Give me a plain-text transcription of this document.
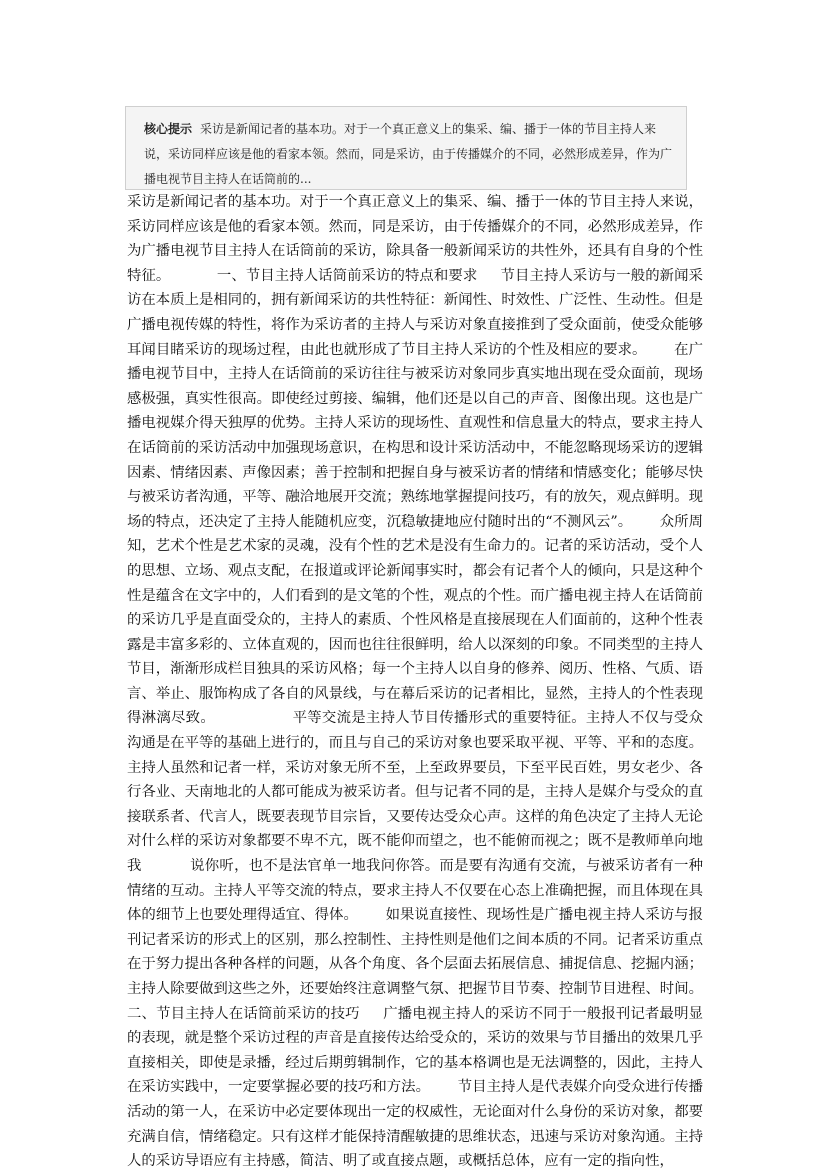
核心提示 采访是新闻记者的基本功。对于一个真正意义上的集采、编、播于一体的节目主持人来说，采访同样应该是他的看家本领。然而，同是采访，由于传播媒介的不同，必然形成差异，作为广播电视节目主持人在话筒前的...
采访是新闻记者的基本功。对于一个真正意义上的集采、编、播于一体的节目主持人来说，采访同样应该是他的看家本领。然而，同是采访，由于传播媒介的不同，必然形成差异，作为广播电视节目主持人在话筒前的采访，除具备一般新闻采访的共性外，还具有自身的个性特征。          一、节目主持人话筒前采访的特点和要求     节目主持人采访与一般的新闻采访在本质上是相同的，拥有新闻采访的共性特征：新闻性、时效性、广泛性、生动性。但是广播电视传媒的特性，将作为采访者的主持人与采访对象直接推到了受众面前，使受众能够耳闻目睹采访的现场过程，由此也就形成了节目主持人采访的个性及相应的要求。      在广播电视节目中，主持人在话筒前的采访往往与被采访对象同步真实地出现在受众面前，现场感极强，真实性很高。即使经过剪接、编辑，他们还是以自己的声音、图像出现。这也是广播电视媒介得天独厚的优势。主持人采访的现场性、直观性和信息量大的特点，要求主持人在话筒前的采访活动中加强现场意识，在构思和设计采访活动中，不能忽略现场采访的逻辑因素、情绪因素、声像因素；善于控制和把握自身与被采访者的情绪和情感变化；能够尽快与被采访者沟通，平等、融洽地展开交流；熟练地掌握提问技巧，有的放矢，观点鲜明。现场的特点，还决定了主持人能随机应变，沉稳敏捷地应付随时出的“不测风云”。      众所周知，艺术个性是艺术家的灵魂，没有个性的艺术是没有生命力的。记者的采访活动，受个人的思想、立场、观点支配，在报道或评论新闻事实时，都会有记者个人的倾向，只是这种个性是蕴含在文字中的，人们看到的是文笔的个性，观点的个性。而广播电视主持人在话筒前的采访几乎是直面受众的，主持人的素质、个性风格是直接展现在人们面前的，这种个性表露是丰富多彩的、立体直观的，因而也往往很鲜明，给人以深刻的印象。不同类型的主持人节目，渐渐形成栏目独具的采访风格；每一个主持人以自身的修养、阅历、性格、气质、语言、举止、服饰构成了各自的风景线，与在幕后采访的记者相比，显然，主持人的个性表现得淋漓尽致。                平等交流是主持人节目传播形式的重要特征。主持人不仅与受众沟通是在平等的基础上进行的，而且与自己的采访对象也要采取平视、平等、平和的态度。          主持人虽然和记者一样，采访对象无所不至，上至政界要员，下至平民百姓，男女老少、各行各业、天南地北的人都可能成为被采访者。但与记者不同的是，主持人是媒介与受众的直接联系者、代言人，既要表现节目宗旨，又要传达受众心声。这样的角色决定了主持人无论对什么样的采访对象都要不卑不亢，既不能仰而望之，也不能俯而视之；既不是教师单向地我          说你听，也不是法官单一地我问你答。而是要有沟通有交流，与被采访者有一种情绪的互动。主持人平等交流的特点，要求主持人不仅要在心态上准确把握，而且体现在具体的细节上也要处理得适宜、得体。      如果说直接性、现场性是广播电视主持人采访与报刊记者采访的形式上的区别，那么控制性、主持性则是他们之间本质的不同。记者采访重点在于努力提出各种各样的问题，从各个角度、各个层面去拓展信息、捕捉信息、挖掘内涵；主持人除要做到这些之外，还要始终注意调整气氛、把握节目节奏、控制节目进程、时间。      二、节目主持人在话筒前采访的技巧     广播电视主持人的采访不同于一般报刊记者最明显的表现，就是整个采访过程的声音是直接传达给受众的，采访的效果与节目播出的效果几乎直接相关，即使是录播，经过后期剪辑制作，它的基本格调也是无法调整的，因此，主持人在采访实践中，一定要掌握必要的技巧和方法。      节目主持人是代表媒介向受众进行传播活动的第一人，在采访中必定要体现出一定的权威性，无论面对什么身份的采访对象，都要充满自信，情绪稳定。只有这样才能保持清醒敏捷的思维状态，迅速与采访对象沟通。主持人的采访导语应有主持感，简洁、明了或直接点题，或概括总体，应有一定的指向性，
